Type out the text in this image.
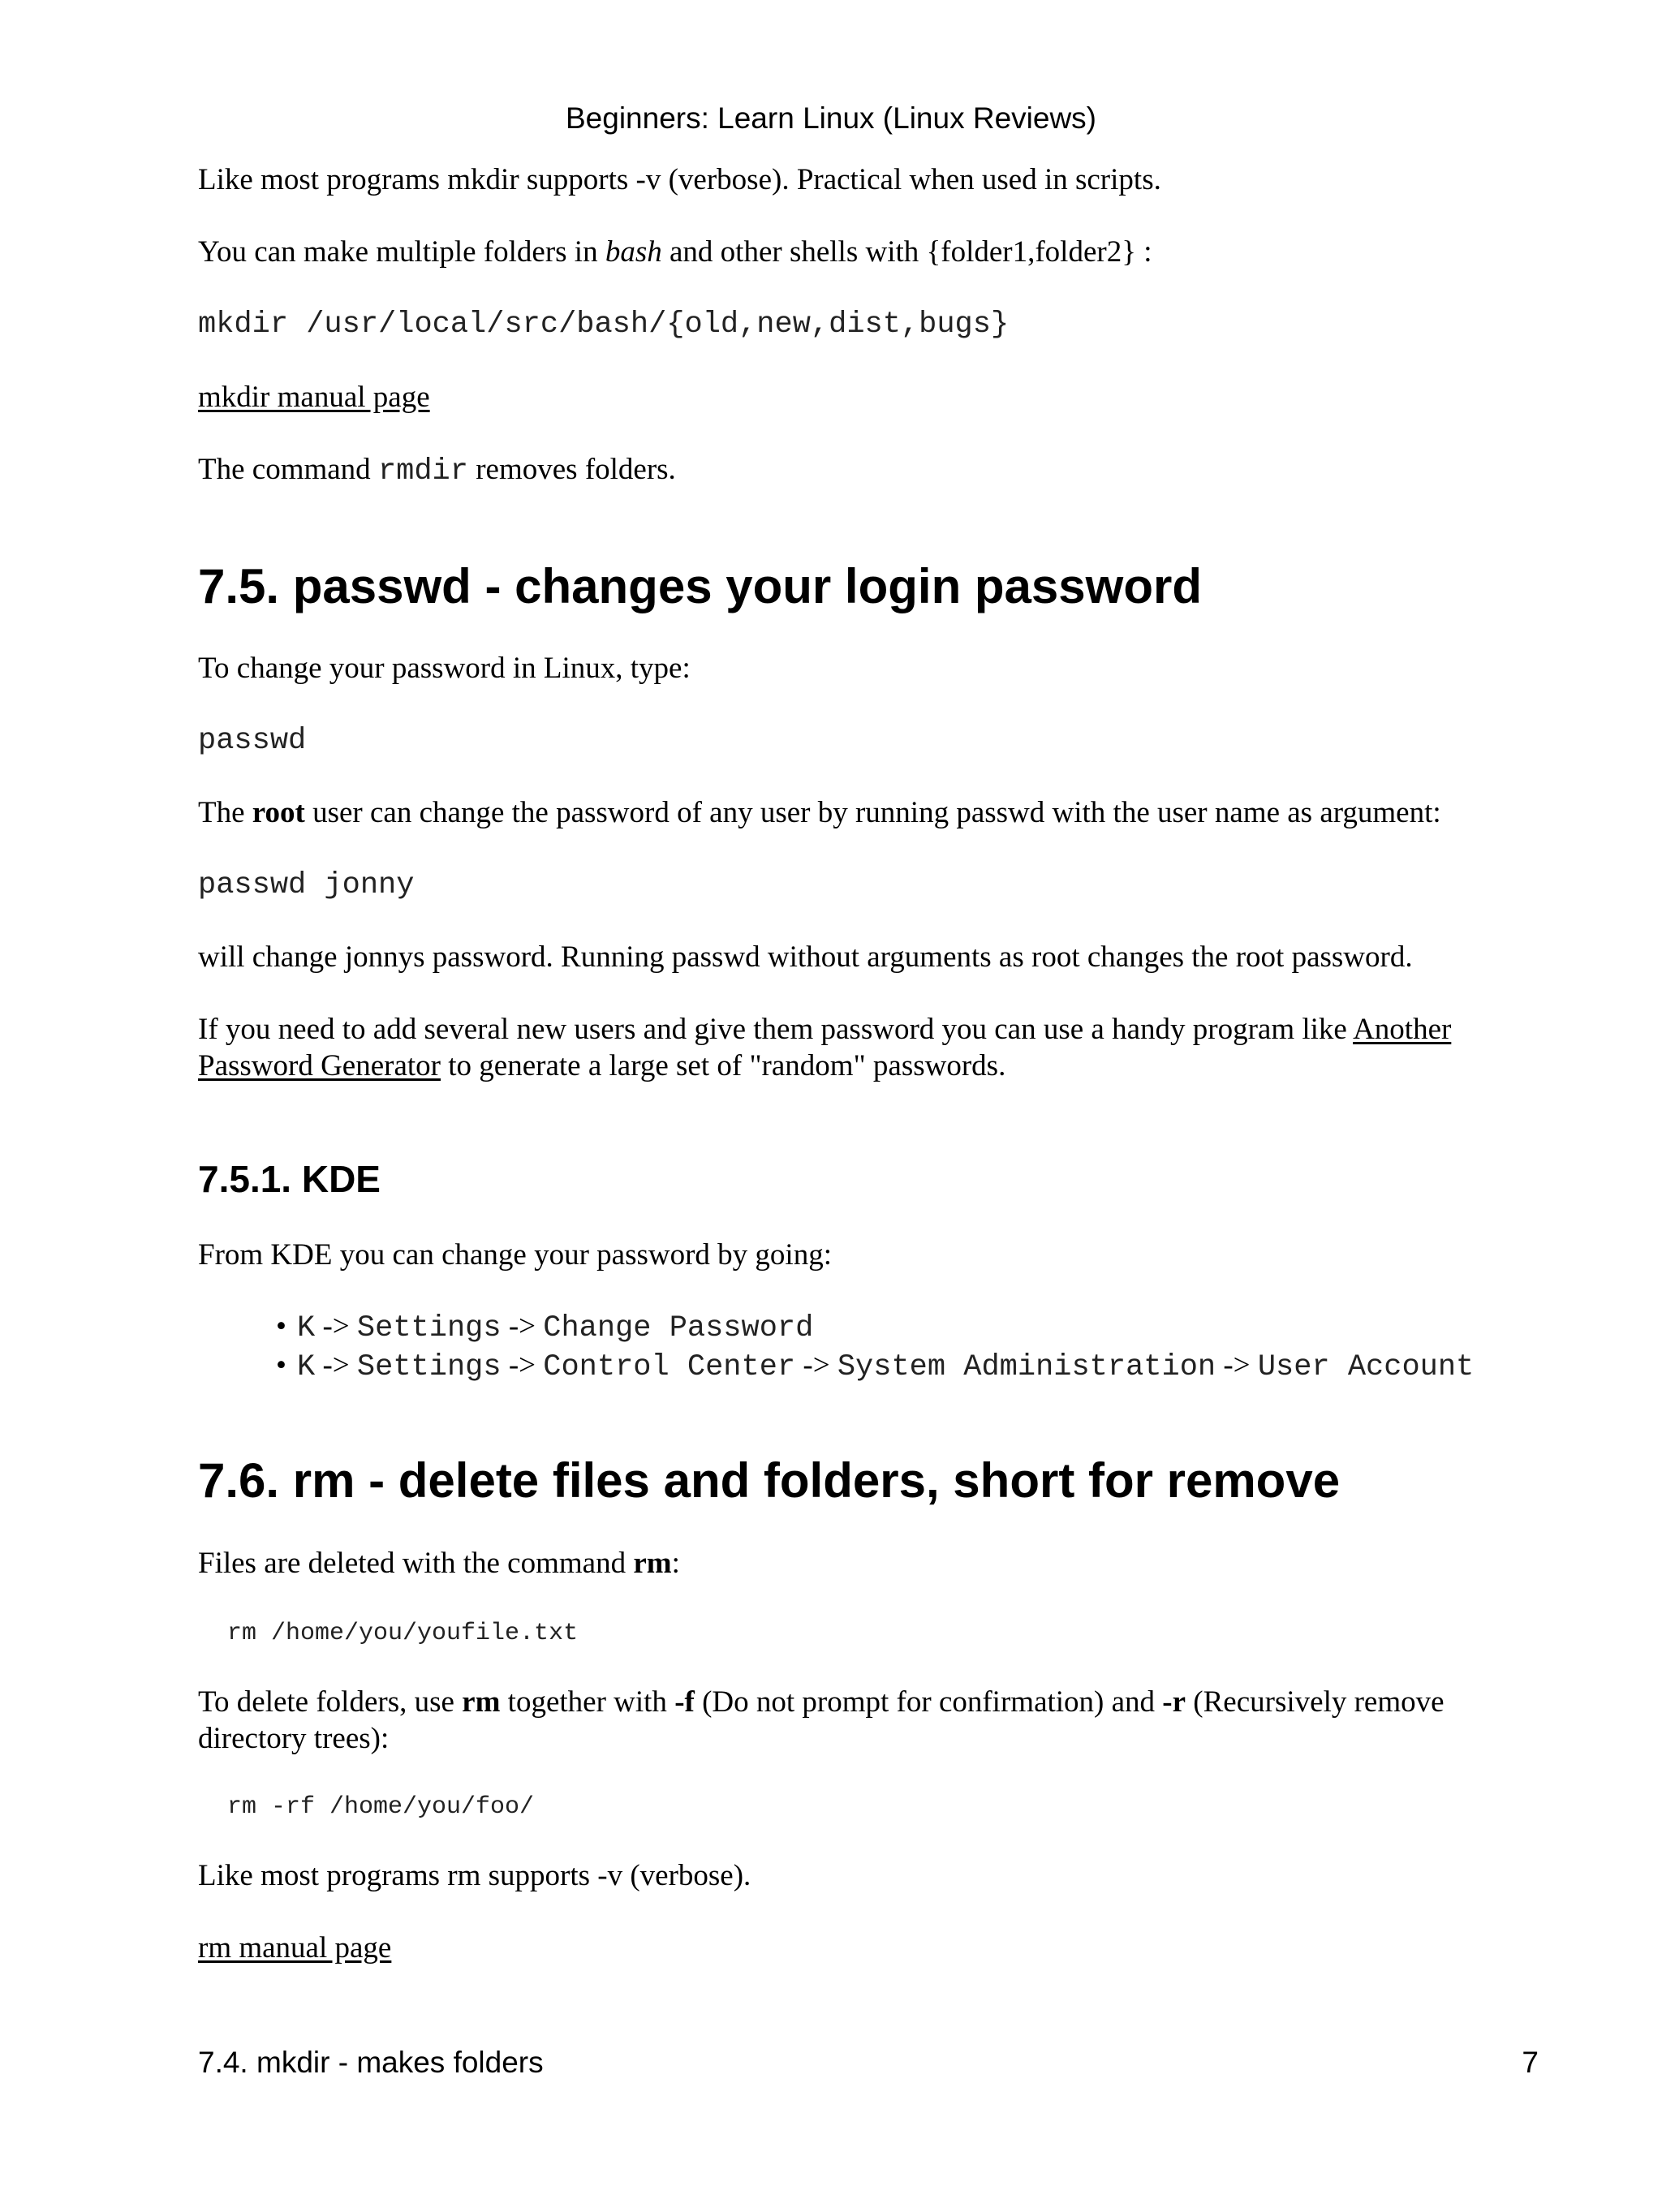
Beginners: Learn Linux (Linux Reviews)

Like most programs mkdir supports -v (verbose). Practical when used in scripts.

You can make multiple folders in bash and other shells with {folder1,folder2} :

mkdir /usr/local/src/bash/{old,new,dist,bugs}

mkdir manual page

The command rmdir removes folders.

7.5. passwd - changes your login password

To change your password in Linux, type:

passwd

The root user can change the password of any user by running passwd with the user name as argument:

passwd jonny

will change jonnys password. Running passwd without arguments as root changes the root password.

If you need to add several new users and give them password you can use a handy program like Another Password Generator to generate a large set of "random" passwords.

7.5.1. KDE

From KDE you can change your password by going:

• K -> Settings -> Change Password
• K -> Settings -> Control Center -> System Administration -> User Account
7.6. rm - delete files and folders, short for remove

Files are deleted with the command rm:

rm /home/you/youfile.txt

To delete folders, use rm together with -f (Do not prompt for confirmation) and -r (Recursively remove directory trees):

rm -rf /home/you/foo/

Like most programs rm supports -v (verbose).

rm manual page

7.4. mkdir - makes folders	7
